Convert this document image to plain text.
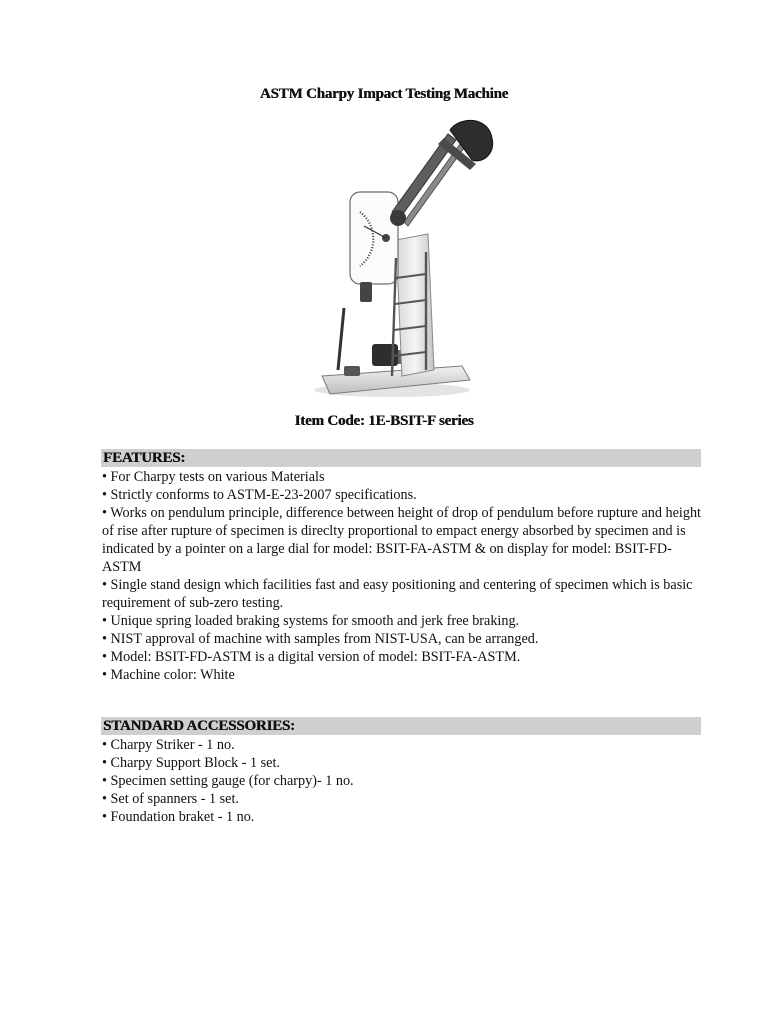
ASTM Charpy Impact Testing Machine
Item Code: 1E-BSIT-F series
FEATURES:
• For Charpy tests on various Materials
• Strictly conforms to ASTM-E-23-2007 specifications.
• Works on pendulum principle, difference between height of drop of pendulum before rupture and height of rise after rupture of specimen is direclty proportional to empact energy absorbed by specimen and is indicated by a pointer on a large dial for model: BSIT-FA-ASTM & on display for model: BSIT-FD-ASTM
• Single stand design which facilities fast and easy positioning and centering of specimen which is basic requirement of sub-zero testing.
• Unique spring loaded braking systems for smooth and jerk free braking.
• NIST approval of machine with samples from NIST-USA, can be arranged.
• Model: BSIT-FD-ASTM is a digital version of model: BSIT-FA-ASTM.
• Machine color: White
STANDARD ACCESSORIES:
• Charpy Striker - 1 no.
• Charpy Support Block - 1 set.
• Specimen setting gauge (for charpy)- 1 no.
• Set of spanners - 1 set.
• Foundation braket - 1 no.
